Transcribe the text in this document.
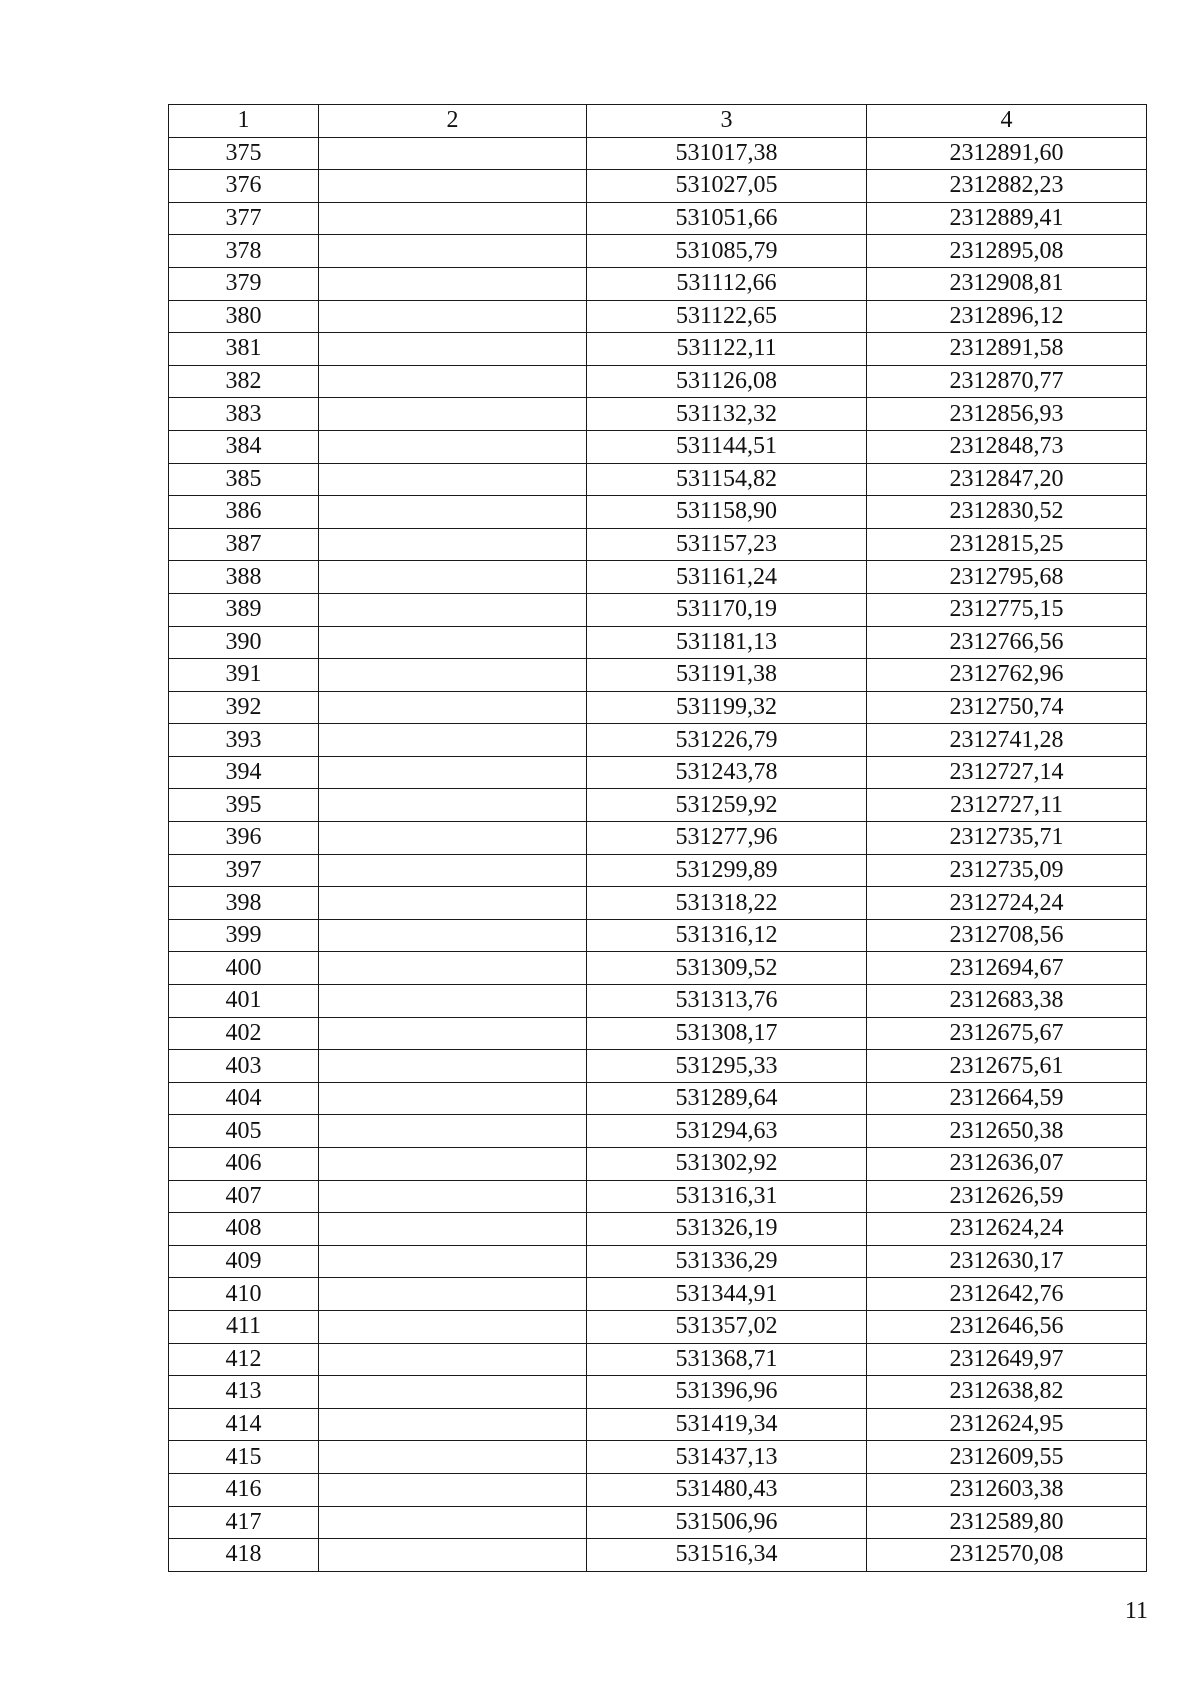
1	2	3	4
375		531017,38	2312891,60
376		531027,05	2312882,23
377		531051,66	2312889,41
378		531085,79	2312895,08
379		531112,66	2312908,81
380		531122,65	2312896,12
381		531122,11	2312891,58
382		531126,08	2312870,77
383		531132,32	2312856,93
384		531144,51	2312848,73
385		531154,82	2312847,20
386		531158,90	2312830,52
387		531157,23	2312815,25
388		531161,24	2312795,68
389		531170,19	2312775,15
390		531181,13	2312766,56
391		531191,38	2312762,96
392		531199,32	2312750,74
393		531226,79	2312741,28
394		531243,78	2312727,14
395		531259,92	2312727,11
396		531277,96	2312735,71
397		531299,89	2312735,09
398		531318,22	2312724,24
399		531316,12	2312708,56
400		531309,52	2312694,67
401		531313,76	2312683,38
402		531308,17	2312675,67
403		531295,33	2312675,61
404		531289,64	2312664,59
405		531294,63	2312650,38
406		531302,92	2312636,07
407		531316,31	2312626,59
408		531326,19	2312624,24
409		531336,29	2312630,17
410		531344,91	2312642,76
411		531357,02	2312646,56
412		531368,71	2312649,97
413		531396,96	2312638,82
414		531419,34	2312624,95
415		531437,13	2312609,55
416		531480,43	2312603,38
417		531506,96	2312589,80
418		531516,34	2312570,08
11
